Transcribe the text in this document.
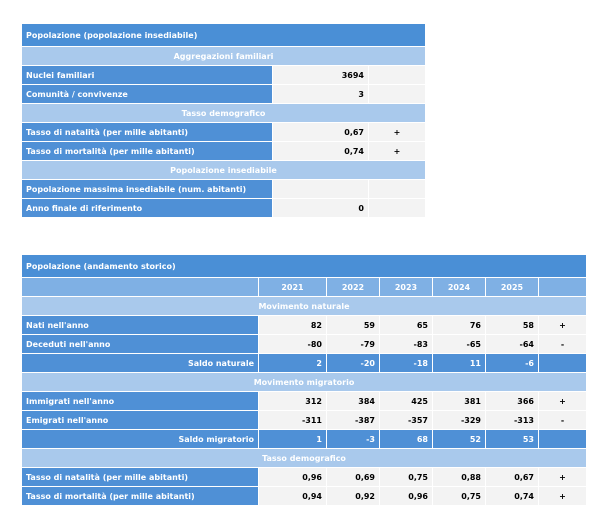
Popolazione (popolazione insediabile)		
Aggregazioni familiari		
Nuclei familiari	3694	
Comunità / convivenze	3	
Tasso demografico		
Tasso di natalità (per mille abitanti)	0,67	+
Tasso di mortalità (per mille abitanti)	0,74	+
Popolazione insediabile		
Popolazione massima insediabile (num. abitanti)		
Anno finale di riferimento	0	
Popolazione (andamento storico)						
	2021	2022	2023	2024	2025	
Movimento naturale						
Nati nell'anno	82	59	65	76	58	+
Deceduti nell'anno	-80	-79	-83	-65	-64	-
Saldo naturale	2	-20	-18	11	-6	
Movimento migratorio						
Immigrati nell'anno	312	384	425	381	366	+
Emigrati nell'anno	-311	-387	-357	-329	-313	-
Saldo migratorio	1	-3	68	52	53	
Tasso demografico						
Tasso di natalità (per mille abitanti)	0,96	0,69	0,75	0,88	0,67	+
Tasso di mortalità (per mille abitanti)	0,94	0,92	0,96	0,75	0,74	+
